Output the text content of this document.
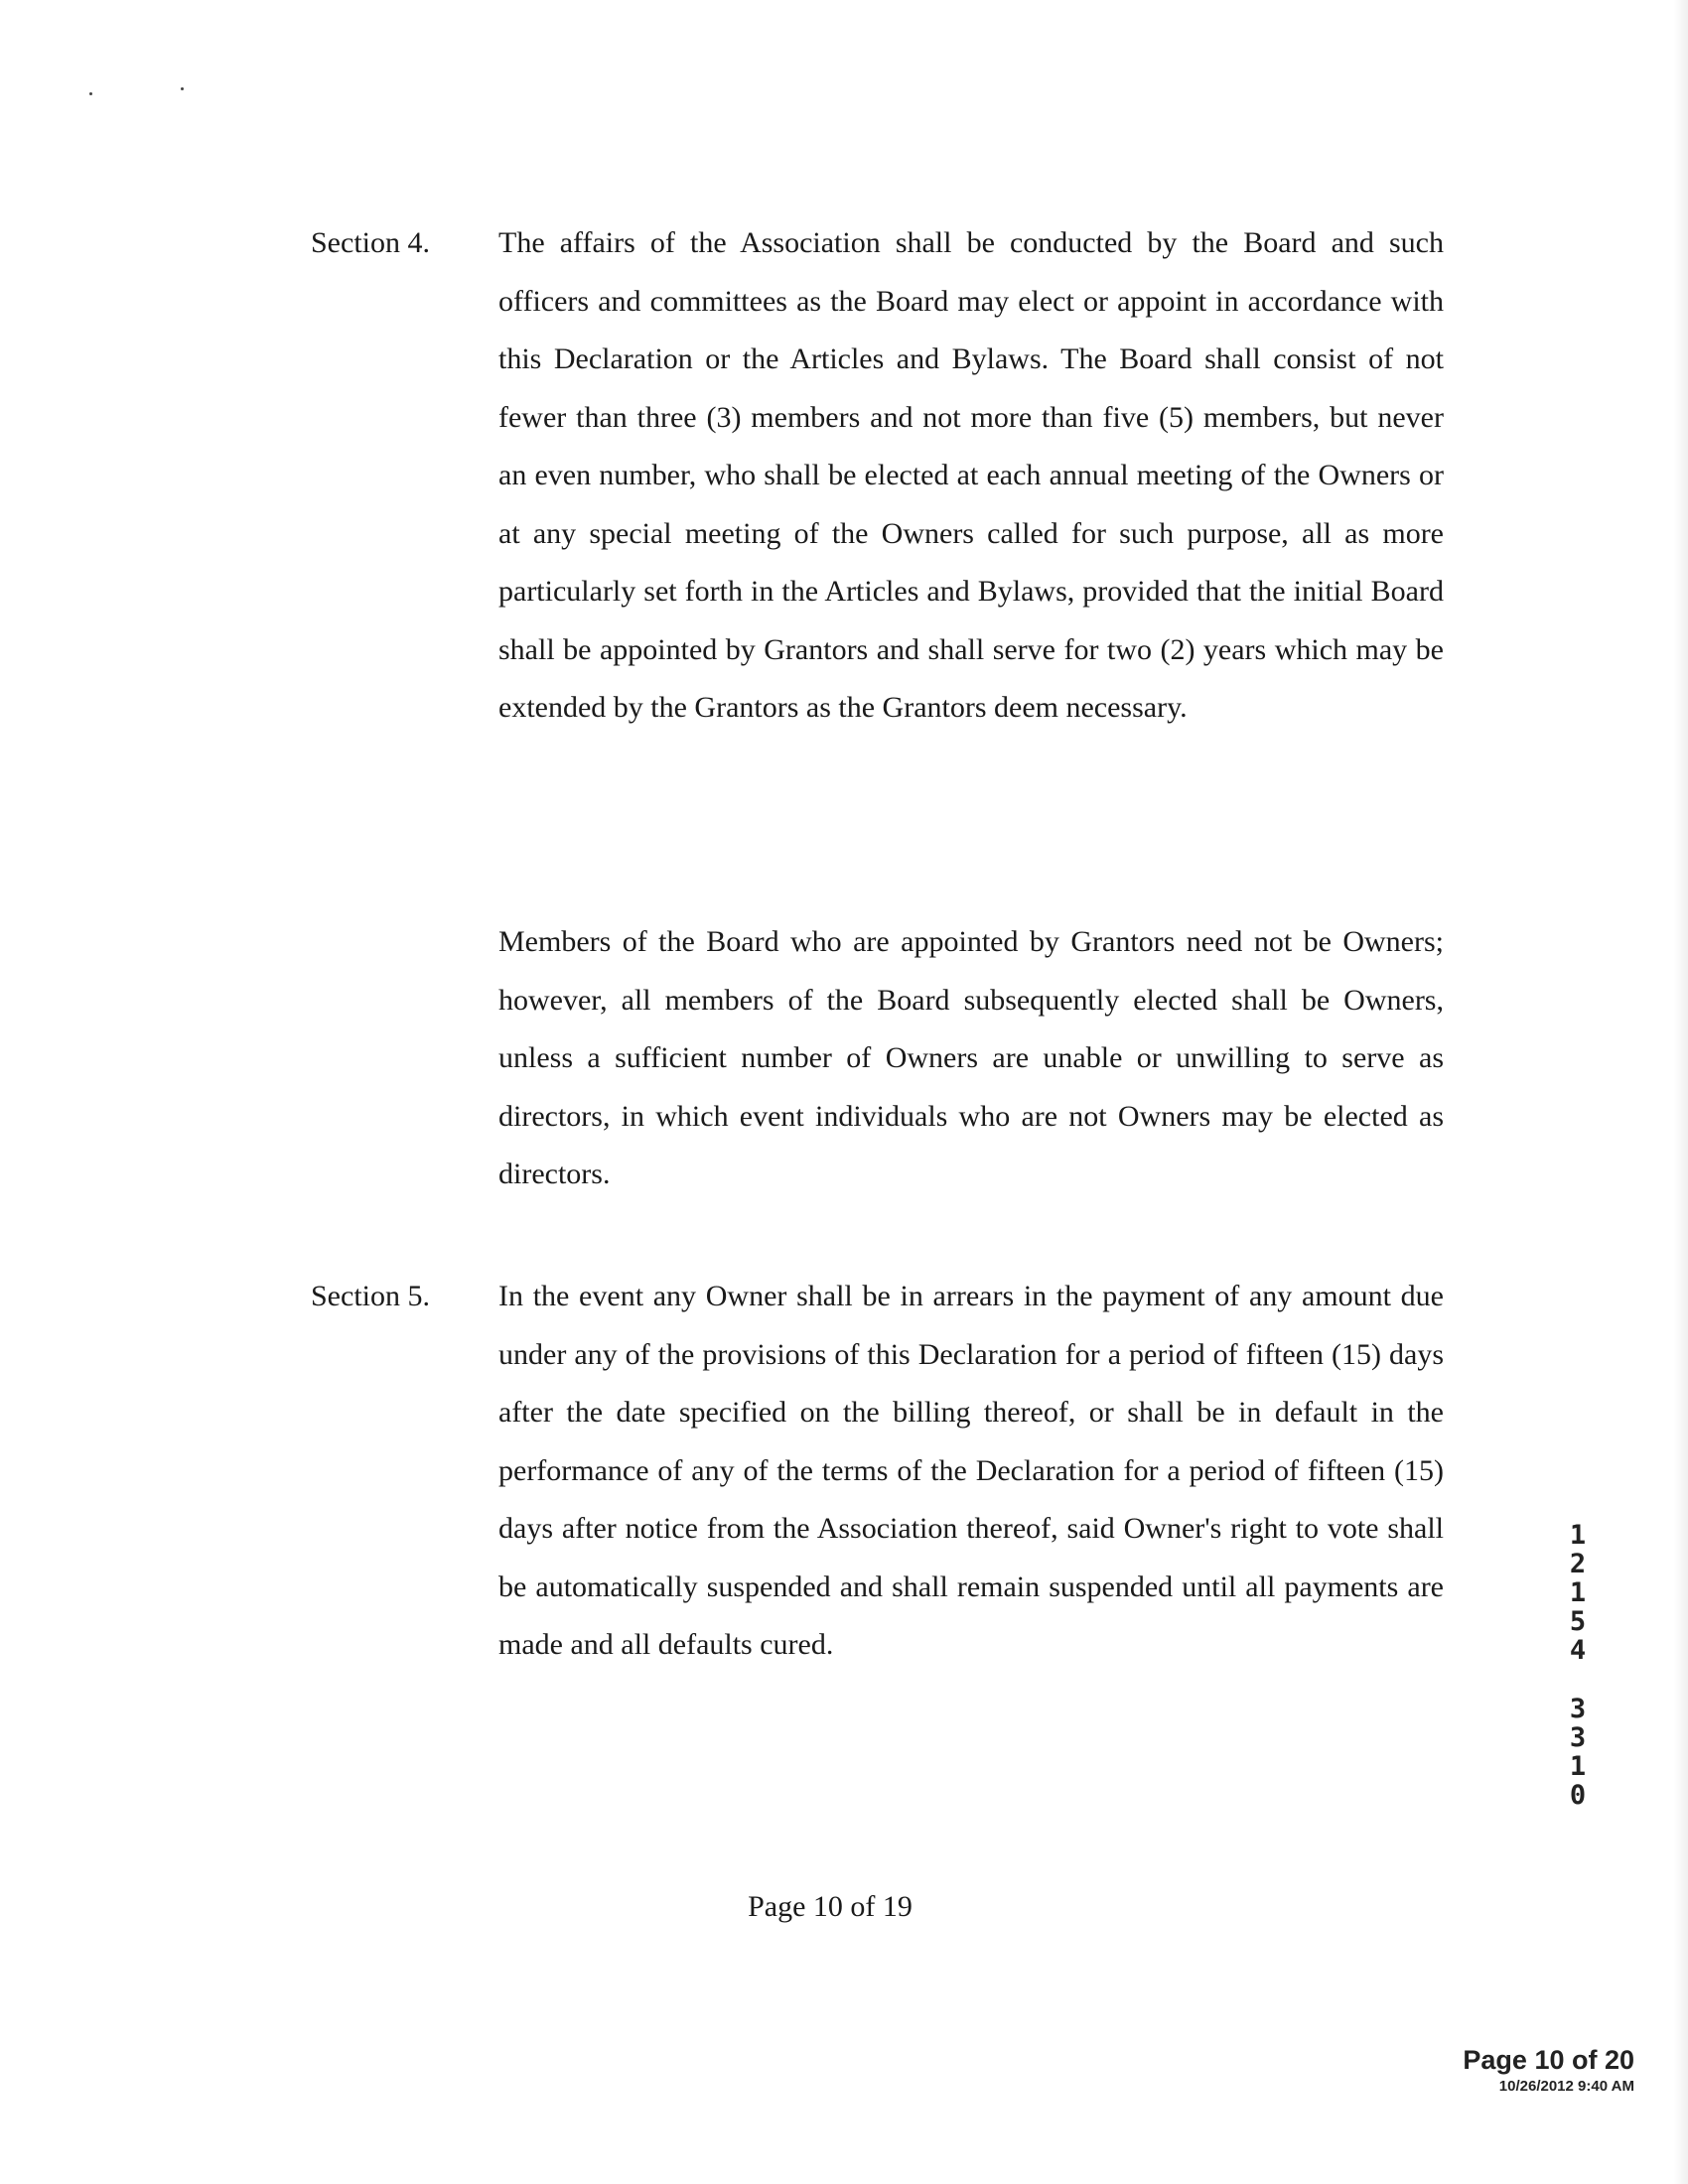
Section 4. The affairs of the Association shall be conducted by the Board and such officers and committees as the Board may elect or appoint in accordance with this Declaration or the Articles and Bylaws. The Board shall consist of not fewer than three (3) members and not more than five (5) members, but never an even number, who shall be elected at each annual meeting of the Owners or at any special meeting of the Owners called for such purpose, all as more particularly set forth in the Articles and Bylaws, provided that the initial Board shall be appointed by Grantors and shall serve for two (2) years which may be extended by the Grantors as the Grantors deem necessary.
Members of the Board who are appointed by Grantors need not be Owners; however, all members of the Board subsequently elected shall be Owners, unless a sufficient number of Owners are unable or unwilling to serve as directors, in which event individuals who are not Owners may be elected as directors.
Section 5. In the event any Owner shall be in arrears in the payment of any amount due under any of the provisions of this Declaration for a period of fifteen (15) days after the date specified on the billing thereof, or shall be in default in the performance of any of the terms of the Declaration for a period of fifteen (15) days after notice from the Association thereof, said Owner's right to vote shall be automatically suspended and shall remain suspended until all payments are made and all defaults cured.
1
2
1
5
4
3
3
1
0
Page 10 of 19
Page 10 of 20
10/26/2012 9:40 AM
